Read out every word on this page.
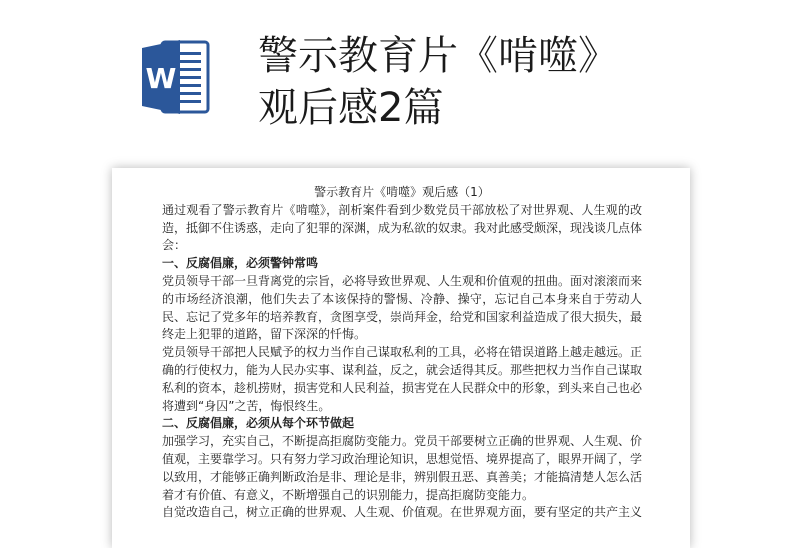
W 警示教育片《啃噬》
观后感2篇

警示教育片《啃噬》观后感（1）

通过观看了警示教育片《啃噬》，剖析案件看到少数党员干部放松了对世界观、人生观的改造，抵御不住诱惑，走向了犯罪的深渊，成为私欲的奴隶。我对此感受颇深，现浅谈几点体会：

一、反腐倡廉，必须警钟常鸣

党员领导干部一旦背离党的宗旨，必将导致世界观、人生观和价值观的扭曲。面对滚滚而来的市场经济浪潮，他们失去了本该保持的警惕、冷静、操守，忘记自己本身来自于劳动人民、忘记了党多年的培养教育，贪图享受，崇尚拜金，给党和国家利益造成了很大损失，最终走上犯罪的道路，留下深深的忏悔。

党员领导干部把人民赋予的权力当作自己谋取私利的工具，必将在错误道路上越走越远。正确的行使权力，能为人民办实事、谋利益，反之，就会适得其反。那些把权力当作自己谋取私利的资本，趁机捞财，损害党和人民利益，损害党在人民群众中的形象，到头来自己也必将遭到“身囚”之苦，悔恨终生。

二、反腐倡廉，必须从每个环节做起

加强学习，充实自己，不断提高拒腐防变能力。党员干部要树立正确的世界观、人生观、价值观，主要靠学习。只有努力学习政治理论知识，思想觉悟、境界提高了，眼界开阔了，学以致用，才能够正确判断政治是非、理论是非，辨别假丑恶、真善美；才能搞清楚人怎么活着才有价值、有意义，不断增强自己的识别能力，提高拒腐防变能力。

自觉改造自己，树立正确的世界观、人生观、价值观。在世界观方面，要有坚定的共产主义
